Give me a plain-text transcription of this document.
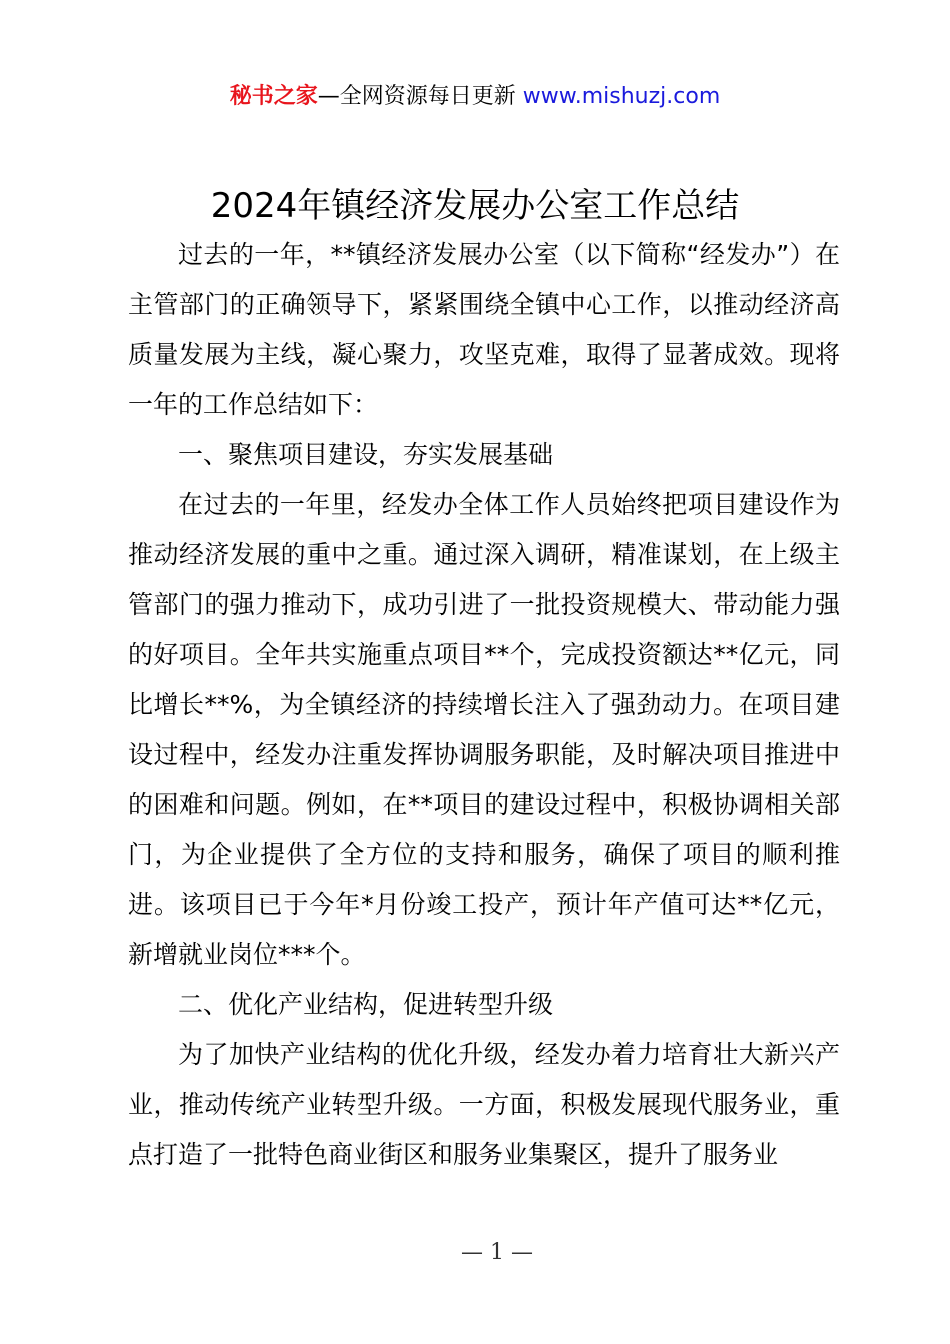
秘书之家—全网资源每日更新 www.mishuzj.com
2024年镇经济发展办公室工作总结

过去的一年，**镇经济发展办公室（以下简称“经发办”）在主管部门的正确领导下，紧紧围绕全镇中心工作，以推动经济高质量发展为主线，凝心聚力，攻坚克难，取得了显著成效。现将一年的工作总结如下：

一、聚焦项目建设，夯实发展基础

在过去的一年里，经发办全体工作人员始终把项目建设作为推动经济发展的重中之重。通过深入调研，精准谋划，在上级主管部门的强力推动下，成功引进了一批投资规模大、带动能力强的好项目。全年共实施重点项目**个，完成投资额达**亿元，同比增长**%，为全镇经济的持续增长注入了强劲动力。在项目建设过程中，经发办注重发挥协调服务职能，及时解决项目推进中的困难和问题。例如，在**项目的建设过程中，积极协调相关部门，为企业提供了全方位的支持和服务，确保了项目的顺利推进。该项目已于今年*月份竣工投产，预计年产值可达**亿元，新增就业岗位***个。

二、优化产业结构，促进转型升级

为了加快产业结构的优化升级，经发办着力培育壮大新兴产业，推动传统产业转型升级。一方面，积极发展现代服务业，重点打造了一批特色商业街区和服务业集聚区，提升了服务业

— 1 —
